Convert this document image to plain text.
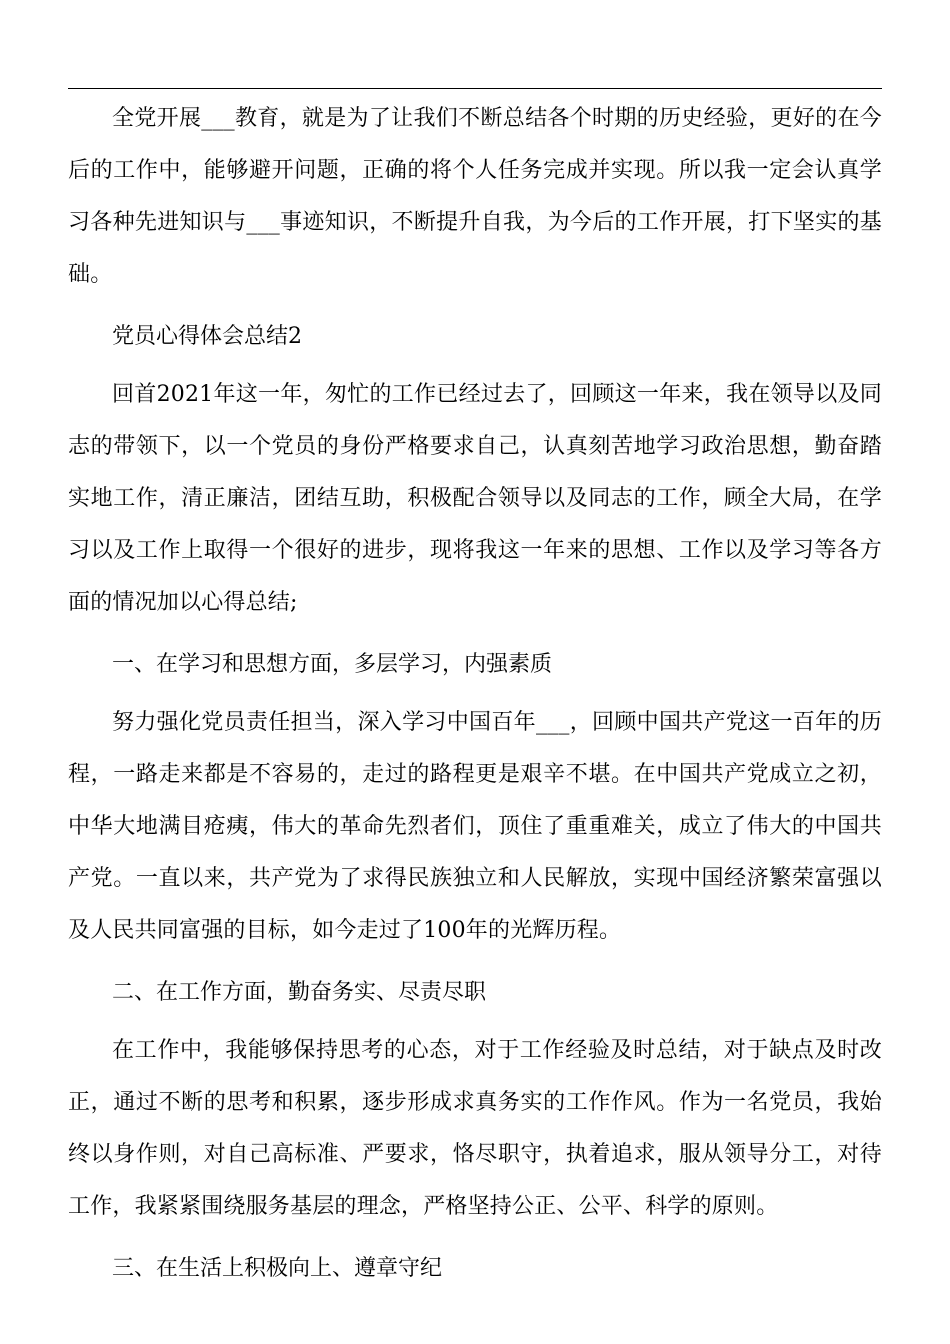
全党开展___教育，就是为了让我们不断总结各个时期的历史经验，更好的在今后的工作中，能够避开问题，正确的将个人任务完成并实现。所以我一定会认真学习各种先进知识与___事迹知识，不断提升自我，为今后的工作开展，打下坚实的基础。

党员心得体会总结2

回首2021年这一年，匆忙的工作已经过去了，回顾这一年来，我在领导以及同志的带领下，以一个党员的身份严格要求自己，认真刻苦地学习政治思想，勤奋踏实地工作，清正廉洁，团结互助，积极配合领导以及同志的工作，顾全大局，在学习以及工作上取得一个很好的进步，现将我这一年来的思想、工作以及学习等各方面的情况加以心得总结;

一、在学习和思想方面，多层学习，内强素质

努力强化党员责任担当，深入学习中国百年___，回顾中国共产党这一百年的历程，一路走来都是不容易的，走过的路程更是艰辛不堪。在中国共产党成立之初，中华大地满目疮痍，伟大的革命先烈者们，顶住了重重难关，成立了伟大的中国共产党。一直以来，共产党为了求得民族独立和人民解放，实现中国经济繁荣富强以及人民共同富强的目标，如今走过了100年的光辉历程。

二、在工作方面，勤奋务实、尽责尽职

在工作中，我能够保持思考的心态，对于工作经验及时总结，对于缺点及时改正，通过不断的思考和积累，逐步形成求真务实的工作作风。作为一名党员，我始终以身作则，对自己高标准、严要求，恪尽职守，执着追求，服从领导分工，对待工作，我紧紧围绕服务基层的理念，严格坚持公正、公平、科学的原则。

三、在生活上积极向上、遵章守纪
